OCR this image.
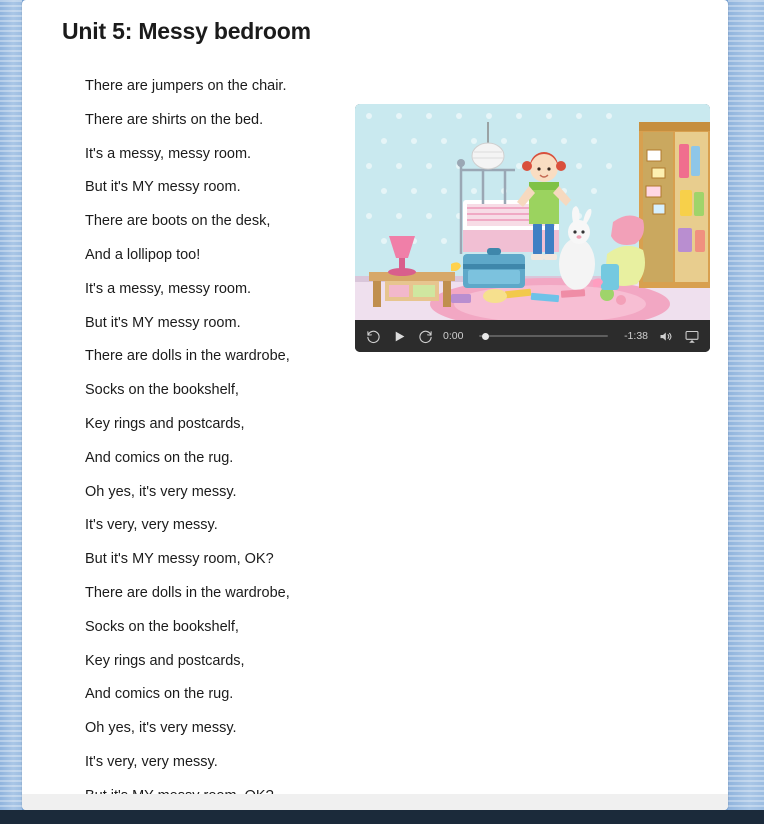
Unit 5: Messy bedroom
There are jumpers on the chair.
There are shirts on the bed.
It's a messy, messy room.
But it's MY messy room.
There are boots on the desk,
And a lollipop too!
It's a messy, messy room.
But it's MY messy room.
There are dolls in the wardrobe,
Socks on the bookshelf,
Key rings and postcards,
And comics on the rug.
Oh yes, it's very messy.
It's very, very messy.
But it's MY messy room, OK?
There are dolls in the wardrobe,
Socks on the bookshelf,
Key rings and postcards,
And comics on the rug.
Oh yes, it's very messy.
It's very, very messy.
0:00	-1:38
